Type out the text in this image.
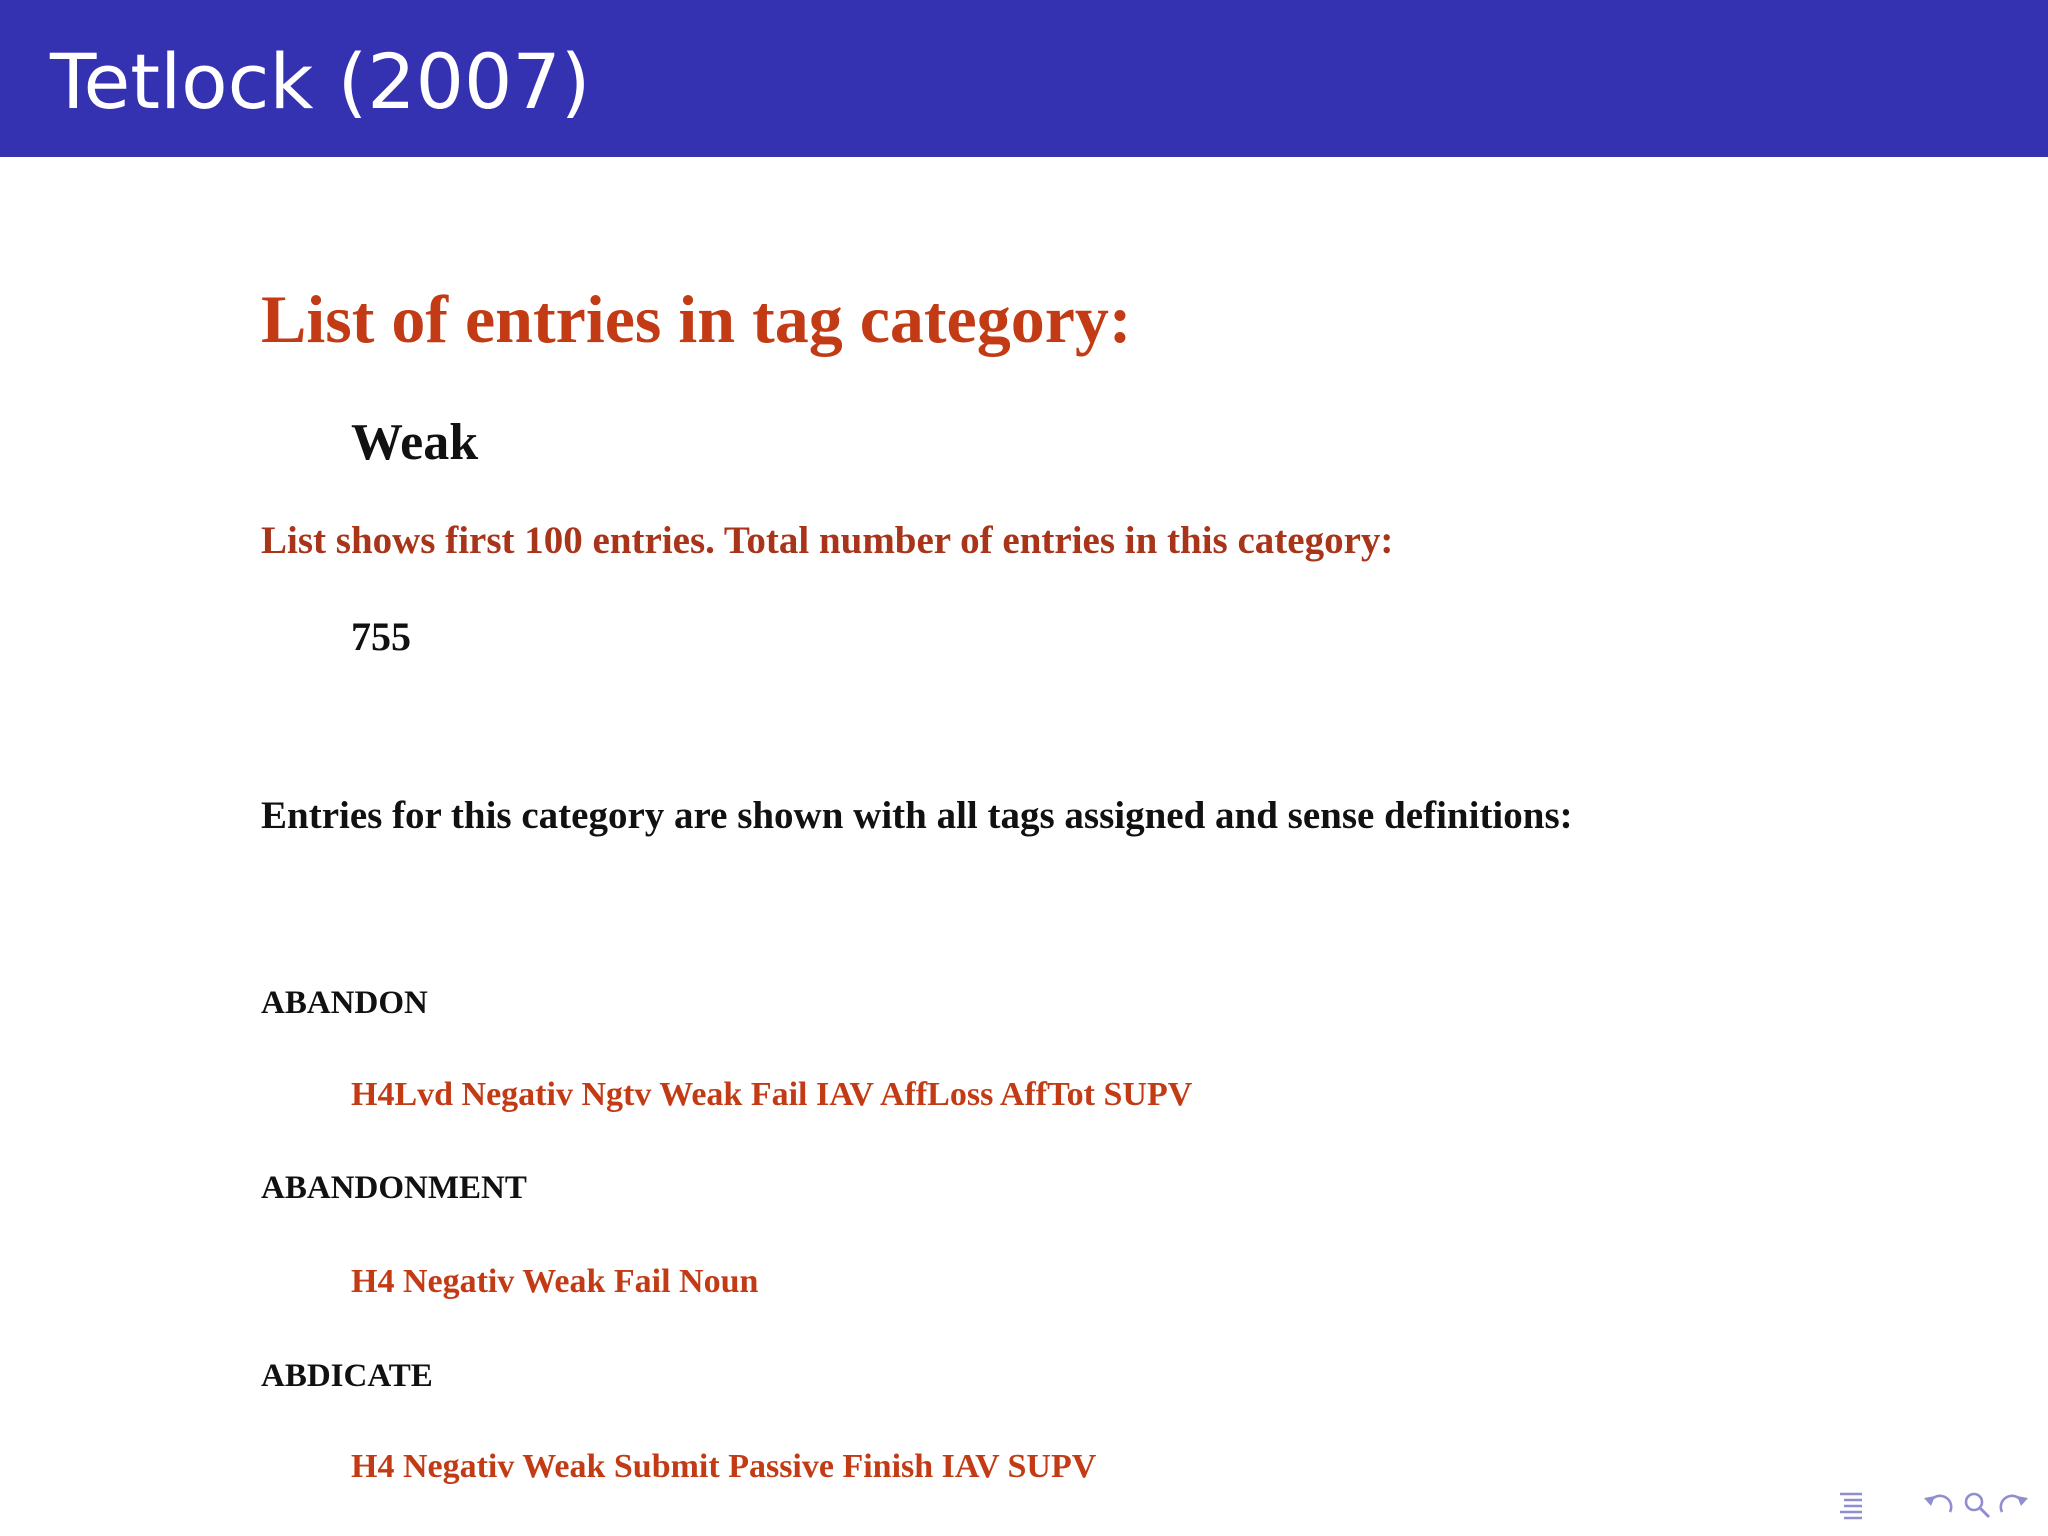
Tetlock (2007)

List of entries in tag category:

Weak

List shows first 100 entries. Total number of entries in this category:

755

Entries for this category are shown with all tags assigned and sense definitions:

ABANDON

H4Lvd Negativ Ngtv Weak Fail IAV AffLoss AffTot SUPV

ABANDONMENT

H4 Negativ Weak Fail Noun

ABDICATE

H4 Negativ Weak Submit Passive Finish IAV SUPV
